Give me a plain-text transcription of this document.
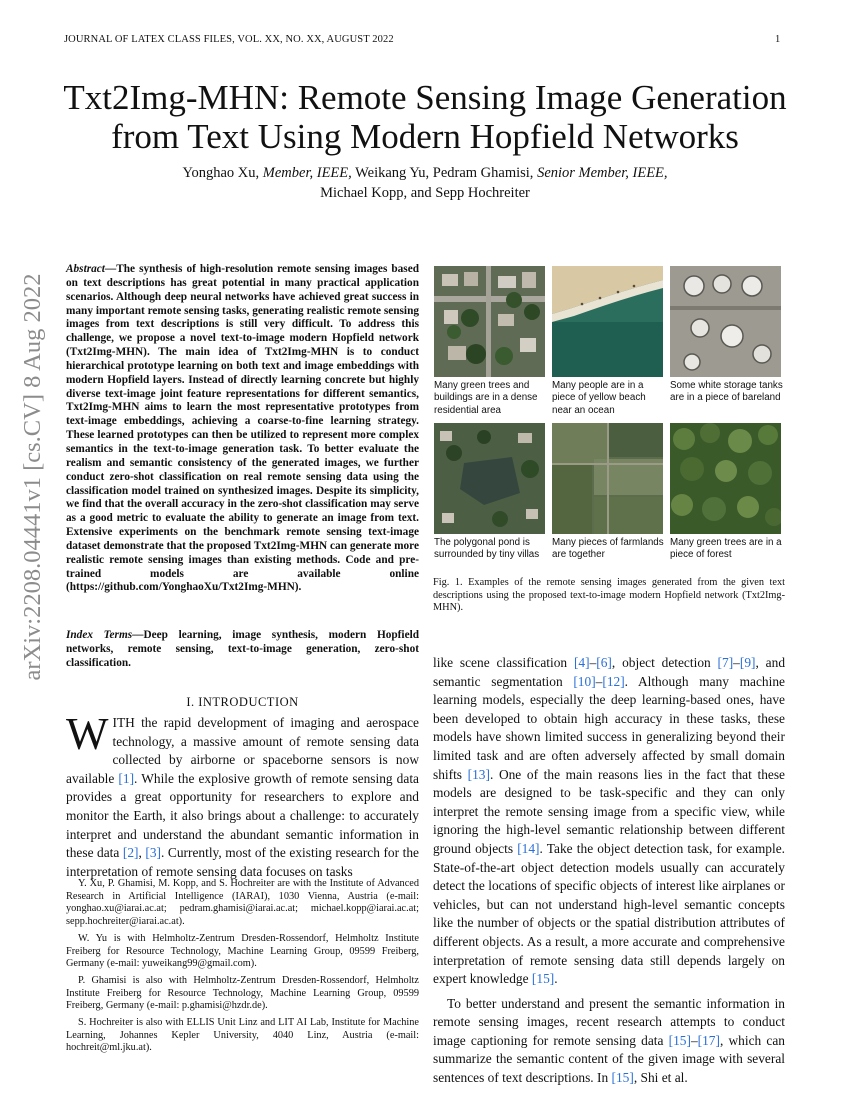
JOURNAL OF LATEX CLASS FILES, VOL. XX, NO. XX, AUGUST 2022	1
arXiv:2208.04441v1 [cs.CV] 8 Aug 2022
Txt2Img-MHN: Remote Sensing Image Generation from Text Using Modern Hopfield Networks
Yonghao Xu, Member, IEEE, Weikang Yu, Pedram Ghamisi, Senior Member, IEEE,
Michael Kopp, and Sepp Hochreiter
Abstract—The synthesis of high-resolution remote sensing images based on text descriptions has great potential in many practical application scenarios. Although deep neural networks have achieved great success in many important remote sensing tasks, generating realistic remote sensing images from text descriptions is still very difficult. To address this challenge, we propose a novel text-to-image modern Hopfield network (Txt2Img-MHN). The main idea of Txt2Img-MHN is to conduct hierarchical prototype learning on both text and image embeddings with modern Hopfield layers. Instead of directly learning concrete but highly diverse text-image joint feature representations for different semantics, Txt2Img-MHN aims to learn the most representative prototypes from text-image embeddings, achieving a coarse-to-fine learning strategy. These learned prototypes can then be utilized to represent more complex semantics in the text-to-image generation task. To better evaluate the realism and semantic consistency of the generated images, we further conduct zero-shot classification on real remote sensing data using the classification model trained on synthesized images. Despite its simplicity, we find that the overall accuracy in the zero-shot classification may serve as a good metric to evaluate the ability to generate an image from text. Extensive experiments on the benchmark remote sensing text-image dataset demonstrate that the proposed Txt2Img-MHN can generate more realistic remote sensing images than existing methods. Code and pre-trained models are available online (https://github.com/YonghaoXu/Txt2Img-MHN).
Index Terms—Deep learning, image synthesis, modern Hopfield networks, remote sensing, text-to-image generation, zero-shot classification.
I. INTRODUCTION
WITH the rapid development of imaging and aerospace technology, a massive amount of remote sensing data collected by airborne or spaceborne sensors is now available [1]. While the explosive growth of remote sensing data provides a great opportunity for researchers to explore and monitor the Earth, it also brings about a challenge: to accurately interpret and understand the abundant semantic information in these data [2], [3]. Currently, most of the existing research for the interpretation of remote sensing data focuses on tasks

Y. Xu, P. Ghamisi, M. Kopp, and S. Hochreiter are with the Institute of Advanced Research in Artificial Intelligence (IARAI), 1030 Vienna, Austria (e-mail: yonghao.xu@iarai.ac.at; pedram.ghamisi@iarai.ac.at; michael.kopp@iarai.ac.at; sepp.hochreiter@iarai.ac.at).

W. Yu is with Helmholtz-Zentrum Dresden-Rossendorf, Helmholtz Institute Freiberg for Resource Technology, Machine Learning Group, 09599 Freiberg, Germany (e-mail: yuweikang99@gmail.com).

P. Ghamisi is also with Helmholtz-Zentrum Dresden-Rossendorf, Helmholtz Institute Freiberg for Resource Technology, Machine Learning Group, 09599 Freiberg, Germany (e-mail: p.ghamisi@hzdr.de).

S. Hochreiter is also with ELLIS Unit Linz and LIT AI Lab, Institute for Machine Learning, Johannes Kepler University, 4040 Linz, Austria (e-mail: hochreit@ml.jku.at).

Many green trees and buildings are in a dense residential area
Many people are in a piece of yellow beach near an ocean
Some white storage tanks are in a piece of bareland
The polygonal pond is surrounded by tiny villas
Many pieces of farmlands are together
Many green trees are in a piece of forest
Fig. 1. Examples of the remote sensing images generated from the given text descriptions using the proposed text-to-image modern Hopfield network (Txt2Img-MHN).

like scene classification [4]–[6], object detection [7]–[9], and semantic segmentation [10]–[12]. Although many machine learning models, especially the deep learning-based ones, have been developed to obtain high accuracy in these tasks, these models have shown limited success in generalizing beyond their limited task and are often adversely affected by small domain shifts [13]. One of the main reasons lies in the fact that these models are designed to be task-specific and they can only interpret the remote sensing image from a specific view, while ignoring the high-level semantic relationship between different ground objects [14]. Take the object detection task, for example. State-of-the-art object detection models usually can accurately detect the locations of specific objects of interest like airplanes or vehicles, but can not understand high-level semantic concepts like the number of objects or the spatial distribution attributes of different objects. As a result, a more accurate and comprehensive interpretation of remote sensing data still depends largely on expert knowledge [15].

To better understand and present the semantic information in remote sensing images, recent research attempts to conduct image captioning for remote sensing data [15]–[17], which can summarize the semantic content of the given image with several sentences of text descriptions. In [15], Shi et al.
